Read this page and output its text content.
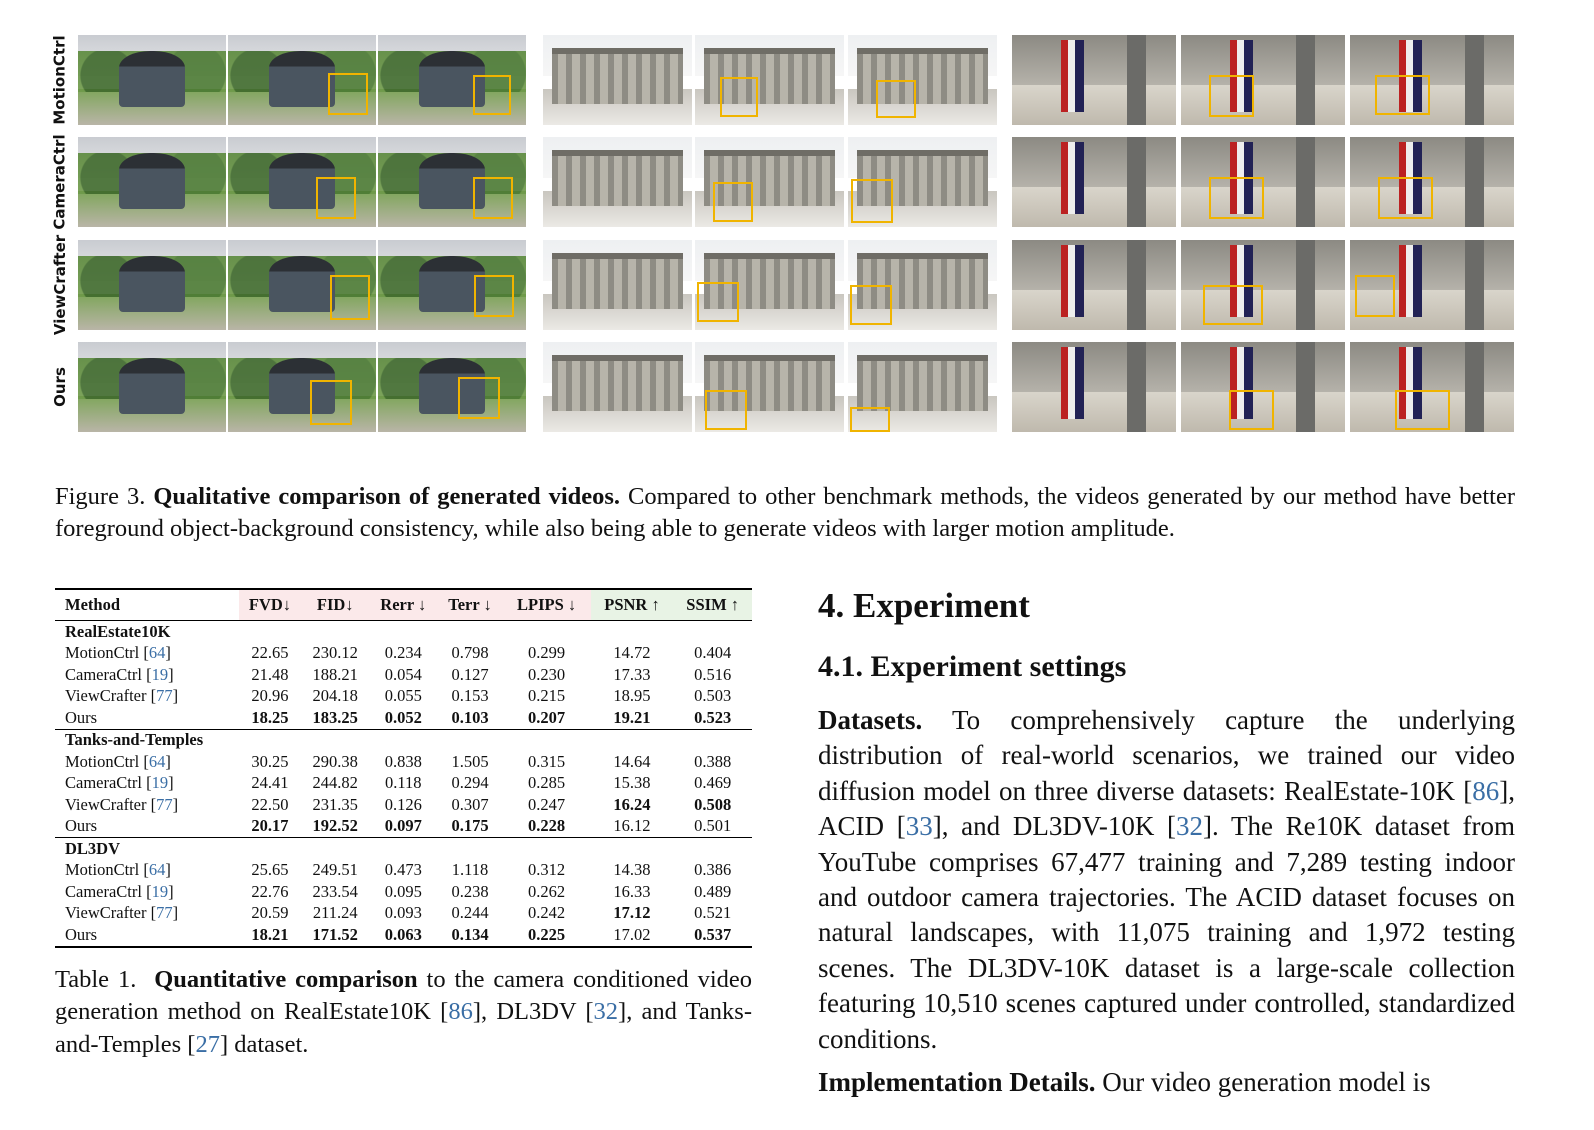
MotionCtrl
CameraCtrl
ViewCrafter
Ours

Figure 3. Qualitative comparison of generated videos. Compared to other benchmark methods, the videos generated by our method have better foreground object-background consistency, while also being able to generate videos with larger motion amplitude.

Method	FVD↓	FID↓	Rerr ↓	Terr ↓	LPIPS ↓	PSNR ↑	SSIM ↑
RealEstate10K							
MotionCtrl [64]	22.65	230.12	0.234	0.798	0.299	14.72	0.404
CameraCtrl [19]	21.48	188.21	0.054	0.127	0.230	17.33	0.516
ViewCrafter [77]	20.96	204.18	0.055	0.153	0.215	18.95	0.503
Ours	18.25	183.25	0.052	0.103	0.207	19.21	0.523
Tanks-and-Temples							
MotionCtrl [64]	30.25	290.38	0.838	1.505	0.315	14.64	0.388
CameraCtrl [19]	24.41	244.82	0.118	0.294	0.285	15.38	0.469
ViewCrafter [77]	22.50	231.35	0.126	0.307	0.247	16.24	0.508
Ours	20.17	192.52	0.097	0.175	0.228	16.12	0.501
DL3DV							
MotionCtrl [64]	25.65	249.51	0.473	1.118	0.312	14.38	0.386
CameraCtrl [19]	22.76	233.54	0.095	0.238	0.262	16.33	0.489
ViewCrafter [77]	20.59	211.24	0.093	0.244	0.242	17.12	0.521
Ours	18.21	171.52	0.063	0.134	0.225	17.02	0.537

Table 1. Quantitative comparison to the camera conditioned video generation method on RealEstate10K [86], DL3DV [32], and Tanks-and-Temples [27] dataset.

4. Experiment
4.1. Experiment settings

Datasets. To comprehensively capture the underlying distribution of real-world scenarios, we trained our video diffusion model on three diverse datasets: RealEstate-10K [86], ACID [33], and DL3DV-10K [32]. The Re10K dataset from YouTube comprises 67,477 training and 7,289 testing indoor and outdoor camera trajectories. The ACID dataset focuses on natural landscapes, with 11,075 training and 1,972 testing scenes. The DL3DV-10K dataset is a large-scale collection featuring 10,510 scenes captured under controlled, standardized conditions.

Implementation Details. Our video generation model is
